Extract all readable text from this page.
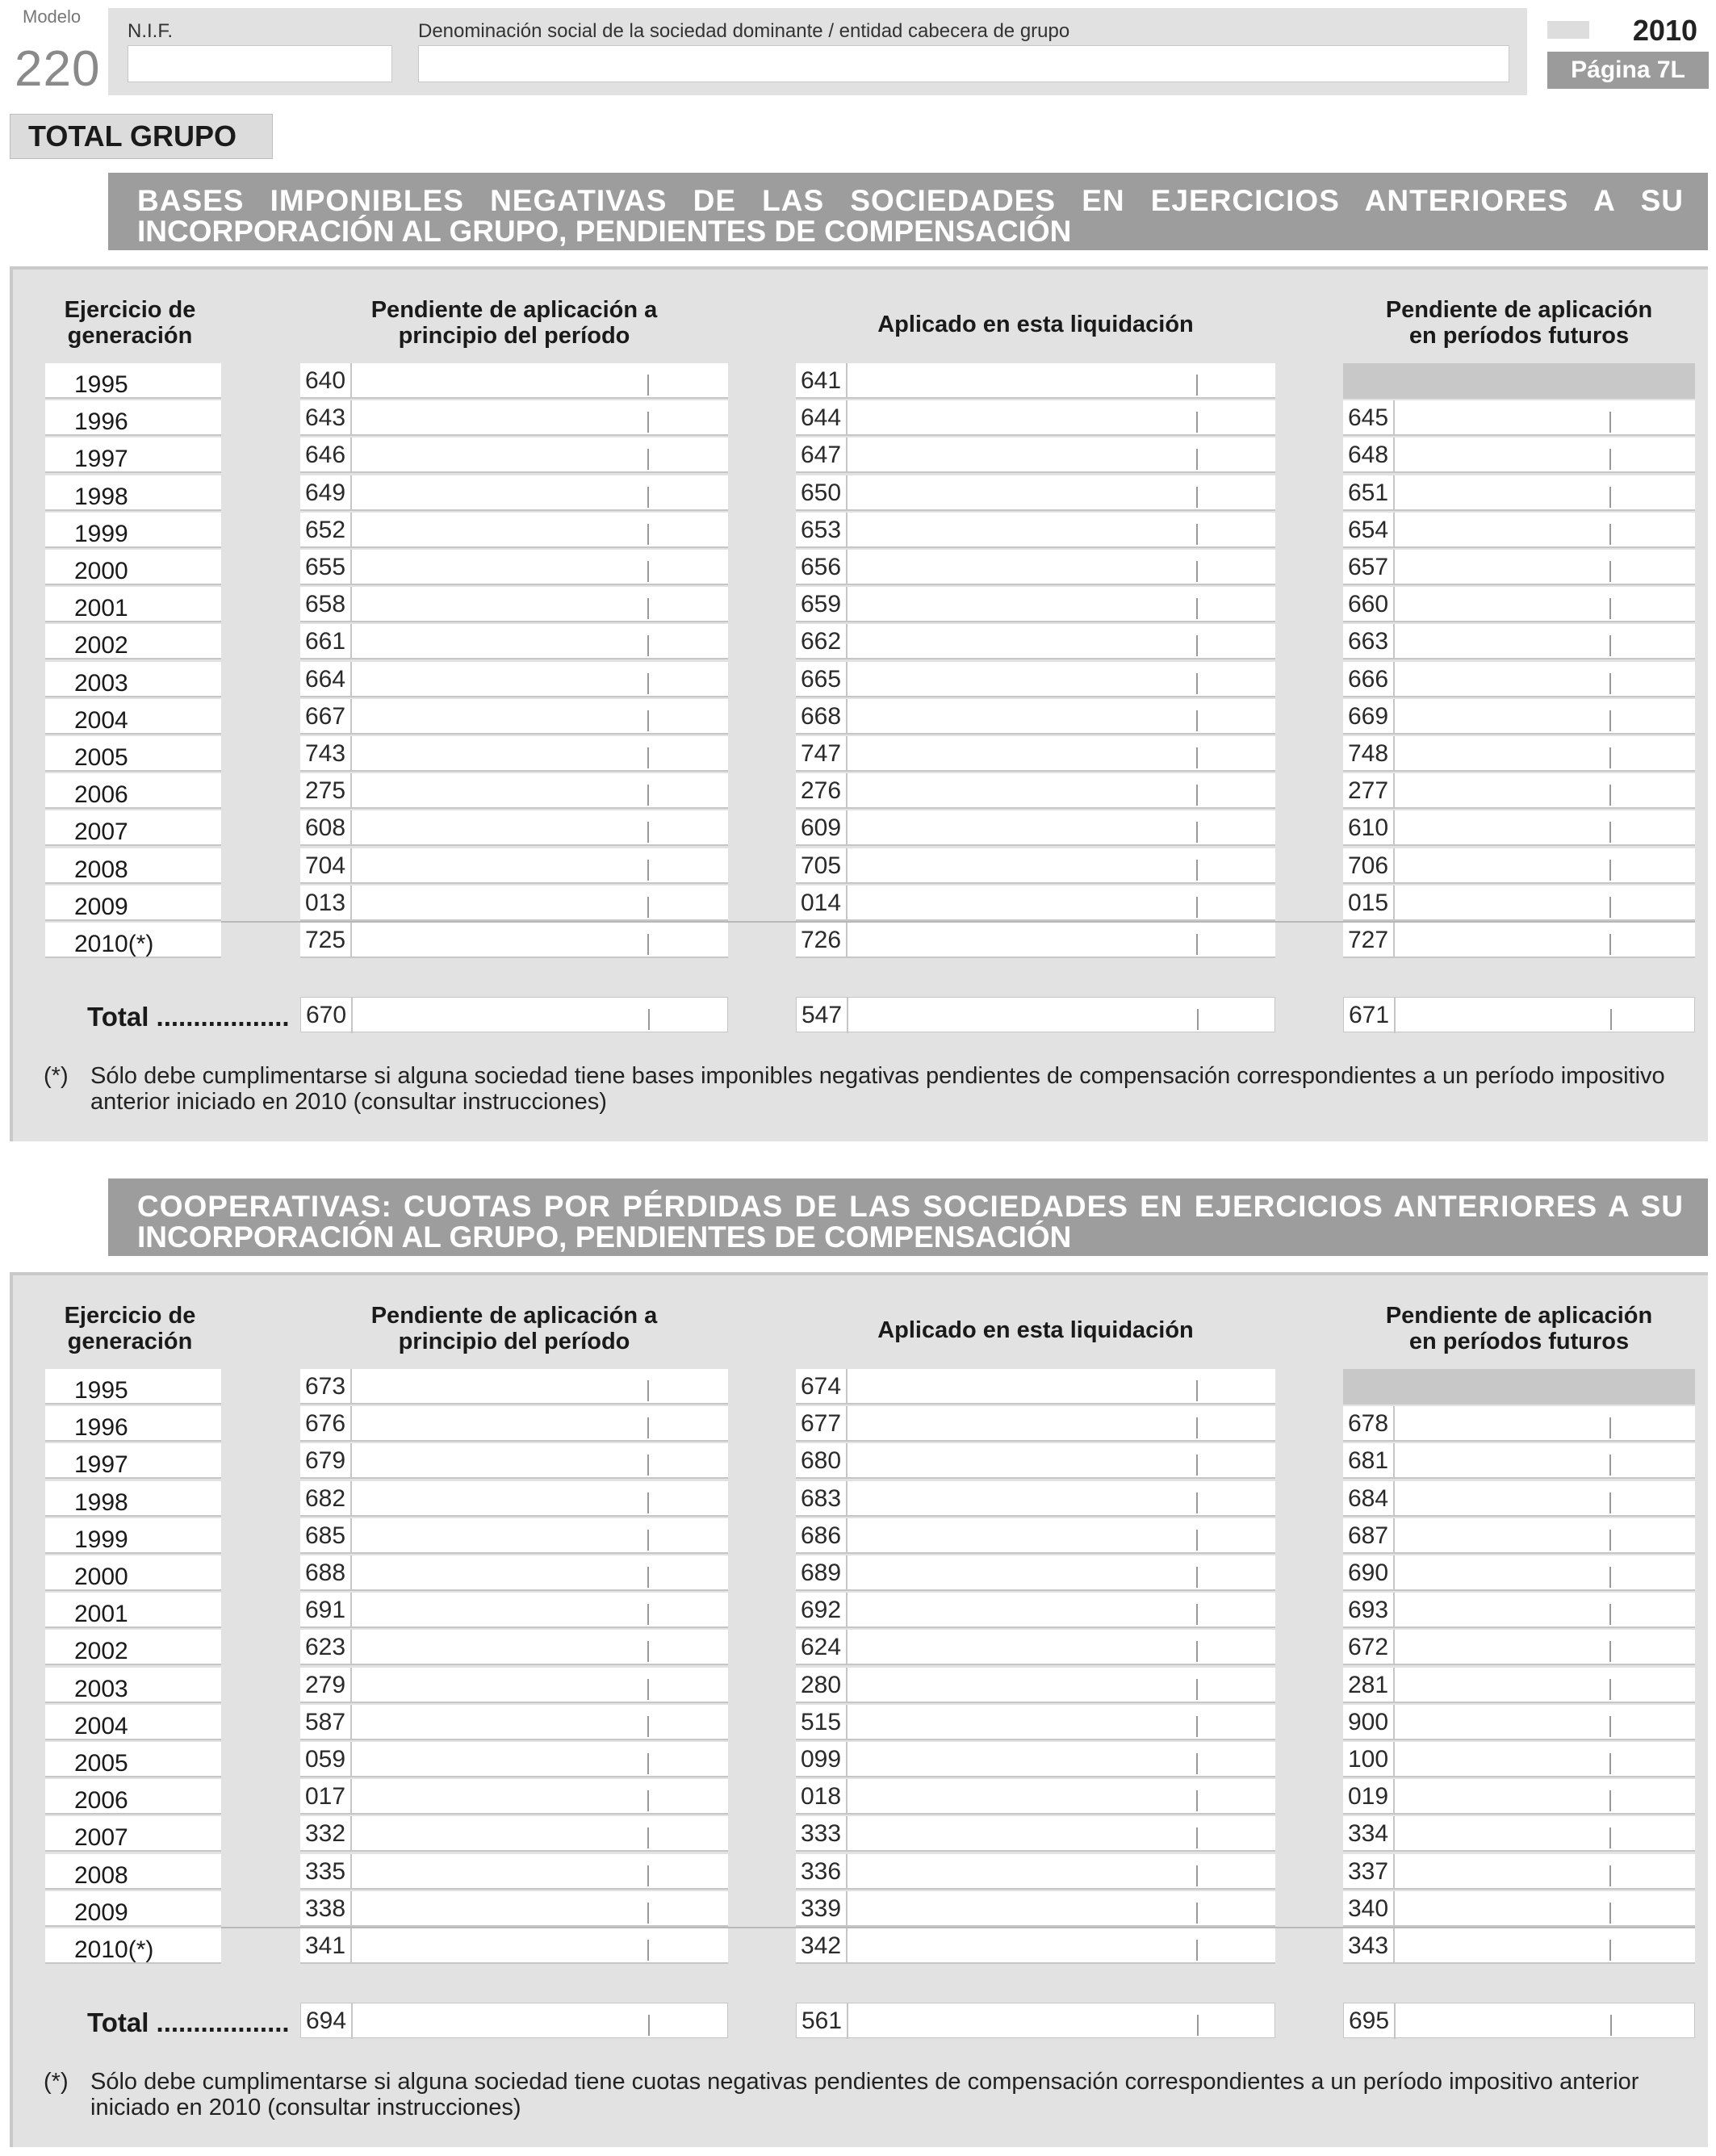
Modelo
220
N.I.F.	Denominación social de la sociedad dominante / entidad cabecera de grupo	2010
Página 7L
TOTAL GRUPO
BASES IMPONIBLES NEGATIVAS DE LAS SOCIEDADES EN EJERCICIOS ANTERIORES A SU
INCORPORACIÓN AL GRUPO, PENDIENTES DE COMPENSACIÓN
Ejercicio de
generación
Pendiente de aplicación a
principio del período	Aplicado en esta liquidación
Pendiente de aplicación
en períodos futuros
1995	640	641
1996	643	644	645
1997	646	647	648
1998	649	650	651
1999	652	653	654
2000	655	656	657
2001	658	659	660
2002	661	662	663
2003	664	665	666
2004	667	668	669
2005	743	747	748
2006	275	276	277
2007	608	609	610
2008	704	705	706
2009	013	014	015
2010(*)	725	726	727
Total .................. 670	547	671
(*) Sólo debe cumplimentarse si alguna sociedad tiene bases imponibles negativas pendientes de compensación correspondientes a un período impositivo anterior iniciado en 2010 (consultar instrucciones)
COOPERATIVAS: CUOTAS POR PÉRDIDAS DE LAS SOCIEDADES EN EJERCICIOS ANTERIORES A SU
INCORPORACIÓN AL GRUPO, PENDIENTES DE COMPENSACIÓN
Ejercicio de
generación
Pendiente de aplicación a
principio del período	Aplicado en esta liquidación
Pendiente de aplicación
en períodos futuros
1995	673	674
1996	676	677	678
1997	679	680	681
1998	682	683	684
1999	685	686	687
2000	688	689	690
2001	691	692	693
2002	623	624	672
2003	279	280	281
2004	587	515	900
2005	059	099	100
2006	017	018	019
2007	332	333	334
2008	335	336	337
2009	338	339	340
2010(*)	341	342	343
Total .................. 694	561	695
(*) Sólo debe cumplimentarse si alguna sociedad tiene cuotas negativas pendientes de compensación correspondientes a un período impositivo anterior iniciado en 2010 (consultar instrucciones)
